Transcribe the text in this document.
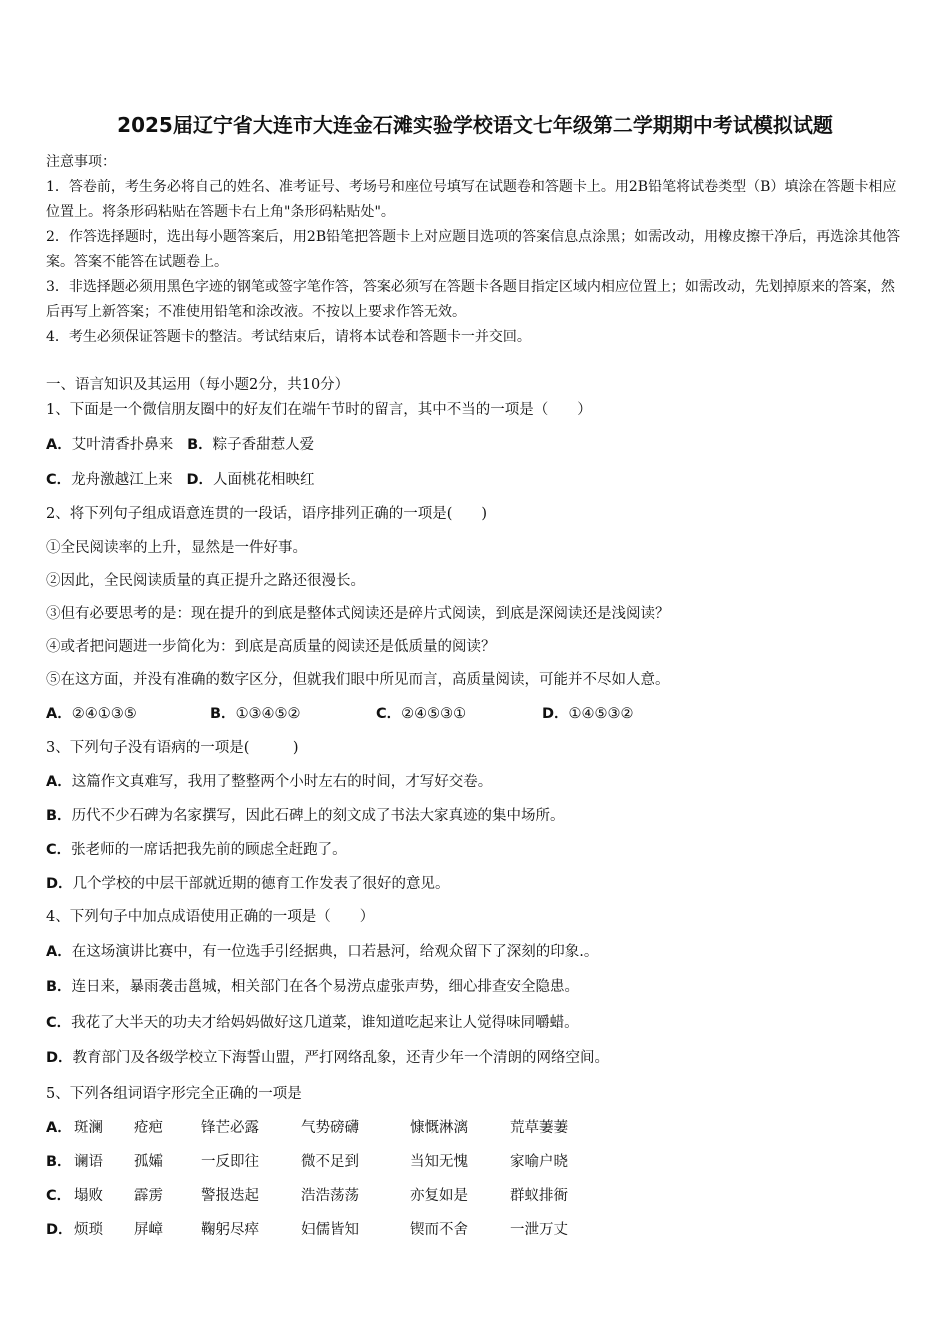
2025届辽宁省大连市大连金石滩实验学校语文七年级第二学期期中考试模拟试题

注意事项：

1．答卷前，考生务必将自己的姓名、准考证号、考场号和座位号填写在试题卷和答题卡上。用2B铅笔将试卷类型（B）填涂在答题卡相应位置上。将条形码粘贴在答题卡右上角"条形码粘贴处"。

2．作答选择题时，选出每小题答案后，用2B铅笔把答题卡上对应题目选项的答案信息点涂黑；如需改动，用橡皮擦干净后，再选涂其他答案。答案不能答在试题卷上。

3．非选择题必须用黑色字迹的钢笔或签字笔作答，答案必须写在答题卡各题目指定区域内相应位置上；如需改动，先划掉原来的答案，然后再写上新答案；不准使用铅笔和涂改液。不按以上要求作答无效。

4．考生必须保证答题卡的整洁。考试结束后，请将本试卷和答题卡一并交回。

一、语言知识及其运用（每小题2分，共10分）
1、下面是一个微信朋友圈中的好友们在端午节时的留言，其中不当的一项是（　　）
A．艾叶清香扑鼻来 B．粽子香甜惹人爱
C．龙舟激越江上来 D．人面桃花相映红
2、将下列句子组成语意连贯的一段话，语序排列正确的一项是(　　)
①全民阅读率的上升，显然是一件好事。
②因此，全民阅读质量的真正提升之路还很漫长。
③但有必要思考的是：现在提升的到底是整体式阅读还是碎片式阅读，到底是深阅读还是浅阅读？
④或者把问题进一步简化为：到底是高质量的阅读还是低质量的阅读？
⑤在这方面，并没有准确的数字区分，但就我们眼中所见而言，高质量阅读，可能并不尽如人意。
A．②④①③⑤	B．①③④⑤②	C．②④⑤③①	D．①④⑤③②
3、下列句子没有语病的一项是(　　　)
A．这篇作文真难写，我用了整整两个小时左右的时间，才写好交卷。
B．历代不少石碑为名家撰写，因此石碑上的刻文成了书法大家真迹的集中场所。
C．张老师的一席话把我先前的顾虑全赶跑了。
D．几个学校的中层干部就近期的德育工作发表了很好的意见。
4、下列句子中加点成语使用正确的一项是（　　）
A．在这场演讲比赛中，有一位选手引经据典，口若悬河，给观众留下了深刻的印象.。
B．连日来，暴雨袭击邕城，相关部门在各个易涝点虚张声势，细心排查安全隐患。
C．我花了大半天的功夫才给妈妈做好这几道菜，谁知道吃起来让人觉得味同嚼蜡。
D．教育部门及各级学校立下海誓山盟，严打网络乱象，还青少年一个清朗的网络空间。
5、下列各组词语字形完全正确的一项是
A． 斑澜 疮疤	锋芒必露	气势磅礴	慷慨淋漓	荒草萋萋
B． 谰语 孤孀	一反即往	微不足到	当知无愧	家喻户晓
C． 塌败 霹雳	警报迭起	浩浩荡荡	亦复如是	群蚁排衙
D． 烦琐 屏嶂	鞠躬尽瘁	妇儒皆知	锲而不舍	一泄万丈
